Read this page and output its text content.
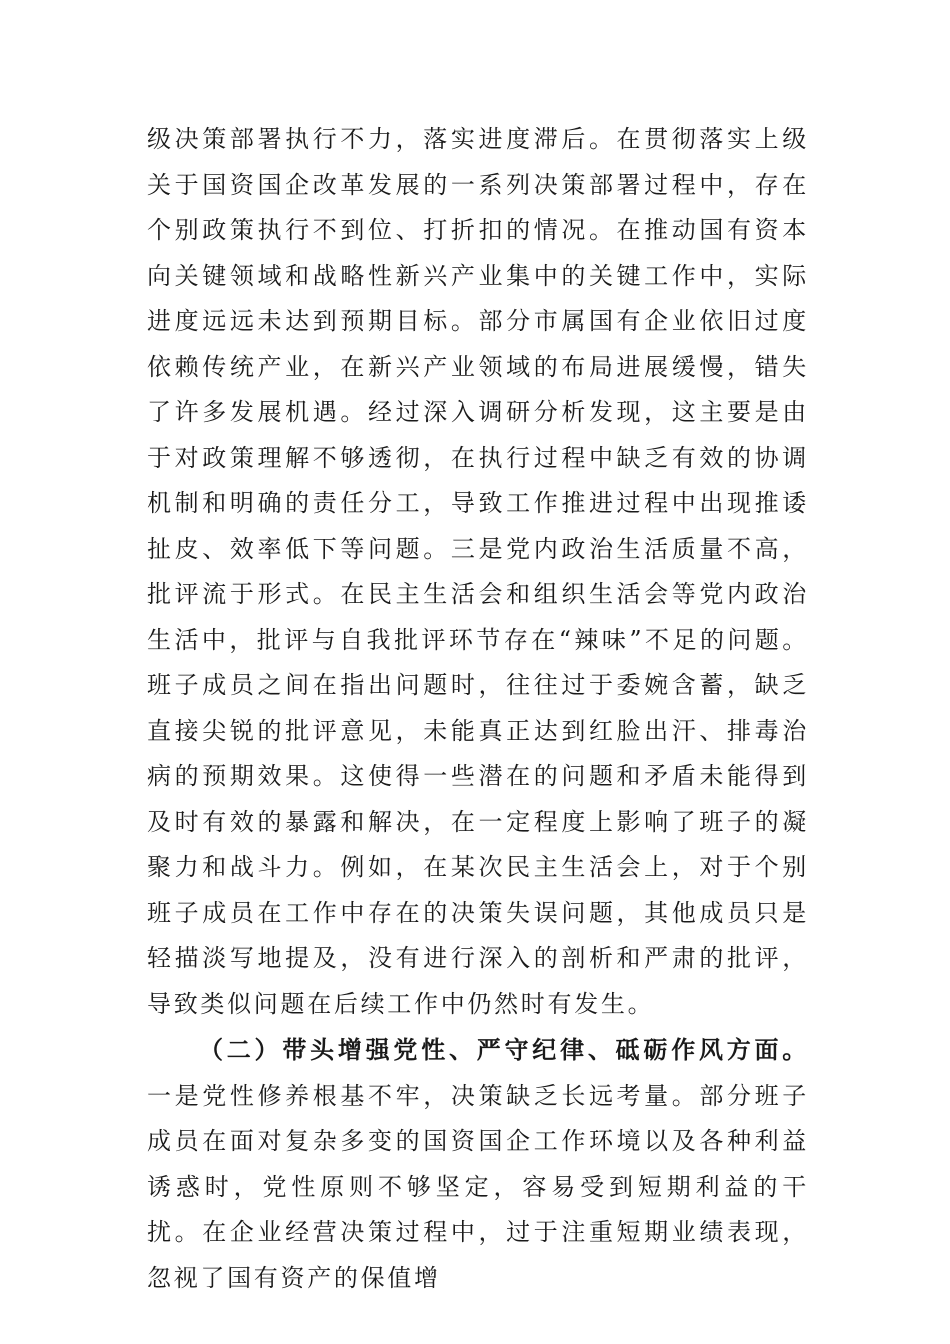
级决策部署执行不力，落实进度滞后。在贯彻落实上级关于国资国企改革发展的一系列决策部署过程中，存在个别政策执行不到位、打折扣的情况。在推动国有资本向关键领域和战略性新兴产业集中的关键工作中，实际进度远远未达到预期目标。部分市属国有企业依旧过度依赖传统产业，在新兴产业领域的布局进展缓慢，错失了许多发展机遇。经过深入调研分析发现，这主要是由于对政策理解不够透彻，在执行过程中缺乏有效的协调机制和明确的责任分工，导致工作推进过程中出现推诿扯皮、效率低下等问题。三是党内政治生活质量不高，批评流于形式。在民主生活会和组织生活会等党内政治生活中，批评与自我批评环节存在“辣味”不足的问题。班子成员之间在指出问题时，往往过于委婉含蓄，缺乏直接尖锐的批评意见，未能真正达到红脸出汗、排毒治病的预期效果。这使得一些潜在的问题和矛盾未能得到及时有效的暴露和解决，在一定程度上影响了班子的凝聚力和战斗力。例如，在某次民主生活会上，对于个别班子成员在工作中存在的决策失误问题，其他成员只是轻描淡写地提及，没有进行深入的剖析和严肃的批评，导致类似问题在后续工作中仍然时有发生。

（二）带头增强党性、严守纪律、砥砺作风方面。一是党性修养根基不牢，决策缺乏长远考量。部分班子成员在面对复杂多变的国资国企工作环境以及各种利益诱惑时，党性原则不够坚定，容易受到短期利益的干扰。在企业经营决策过程中，过于注重短期业绩表现，忽视了国有资产的保值增
